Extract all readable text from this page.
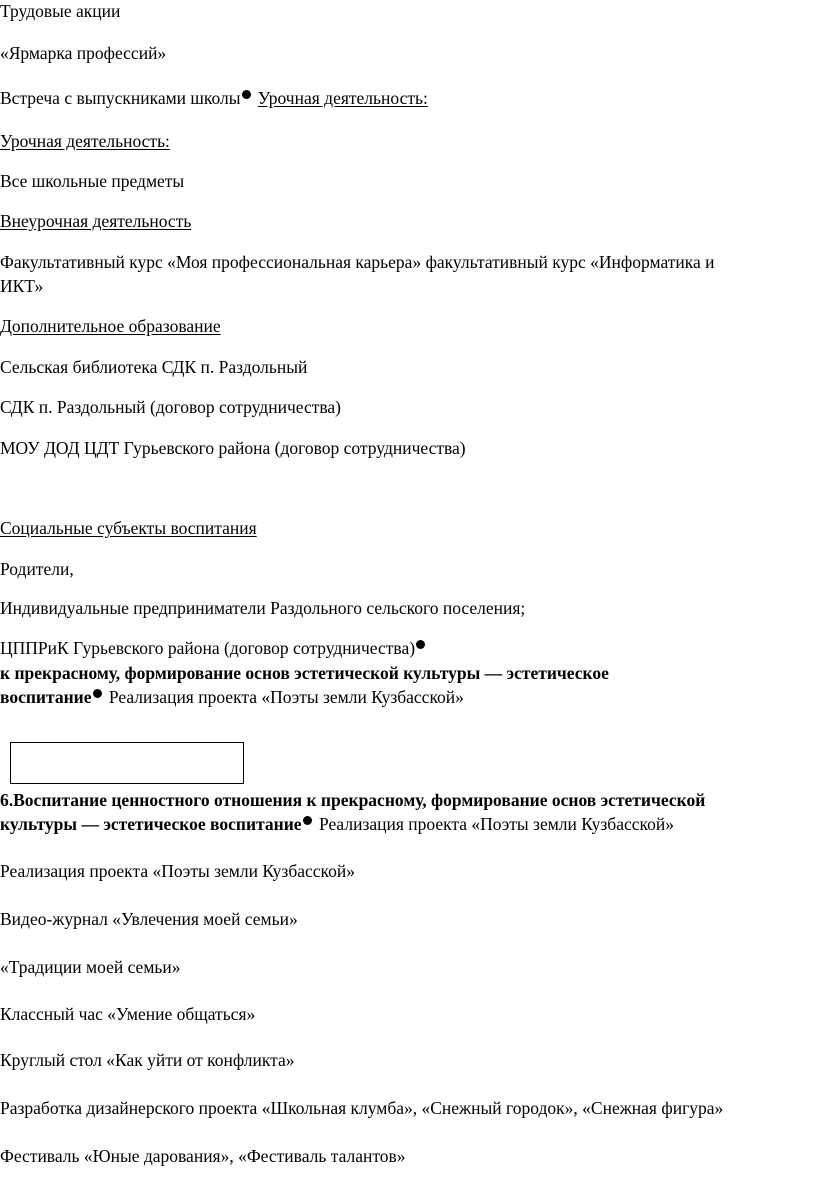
Трудовые акции
«Ярмарка профессий»
Встреча с выпускниками школы Урочная деятельность:
Урочная деятельность:
Все школьные предметы
Внеурочная деятельность
Факультативный курс «Моя профессиональная карьера» факультативный курс «Информатика и
ИКТ»
Дополнительное образование
Сельская библиотека СДК п. Раздольный
СДК п. Раздольный (договор сотрудничества)
МОУ ДОД ЦДТ Гурьевского района (договор сотрудничества)
Социальные субъекты воспитания
Родители,
Индивидуальные предприниматели Раздольного сельского поселения;
ЦППРиК Гурьевского района (договор сотрудничества)
к прекрасному, формирование основ эстетической культуры — эстетическое
воспитание Реализация проекта «Поэты земли Кузбасской»
6.Воспитание ценностного отношения к прекрасному, формирование основ эстетической
культуры — эстетическое воспитание Реализация проекта «Поэты земли Кузбасской»
Реализация проекта «Поэты земли Кузбасской»
Видео-журнал «Увлечения моей семьи»
«Традиции моей семьи»
Классный час «Умение общаться»
Круглый стол «Как уйти от конфликта»
Разработка дизайнерского проекта «Школьная клумба», «Снежный городок», «Снежная фигура»
Фестиваль «Юные дарования», «Фестиваль талантов»
